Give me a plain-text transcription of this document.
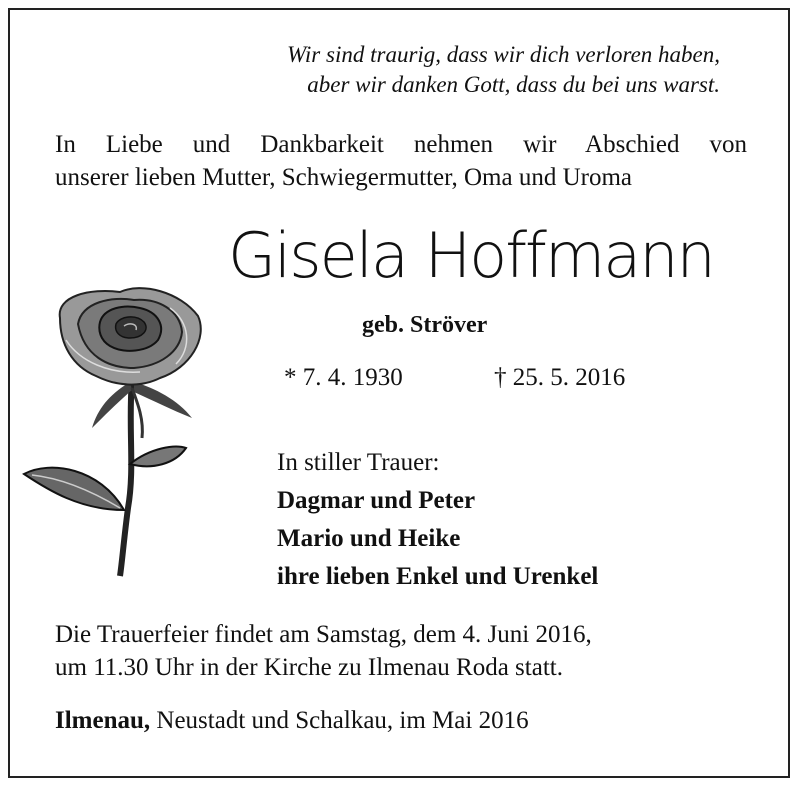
Wir sind traurig, dass wir dich verloren haben,
aber wir danken Gott, dass du bei uns warst.
In Liebe und Dankbarkeit nehmen wir Abschied von
unserer lieben Mutter, Schwiegermutter, Oma und Uroma
Gisela Hoffmann
geb. Ströver
* 7. 4. 1930	† 25. 5. 2016
In stiller Trauer:
Dagmar und Peter
Mario und Heike
ihre lieben Enkel und Urenkel
Die Trauerfeier findet am Samstag, dem 4. Juni 2016,
um 11.30 Uhr in der Kirche zu Ilmenau Roda statt.
Ilmenau, Neustadt und Schalkau, im Mai 2016
